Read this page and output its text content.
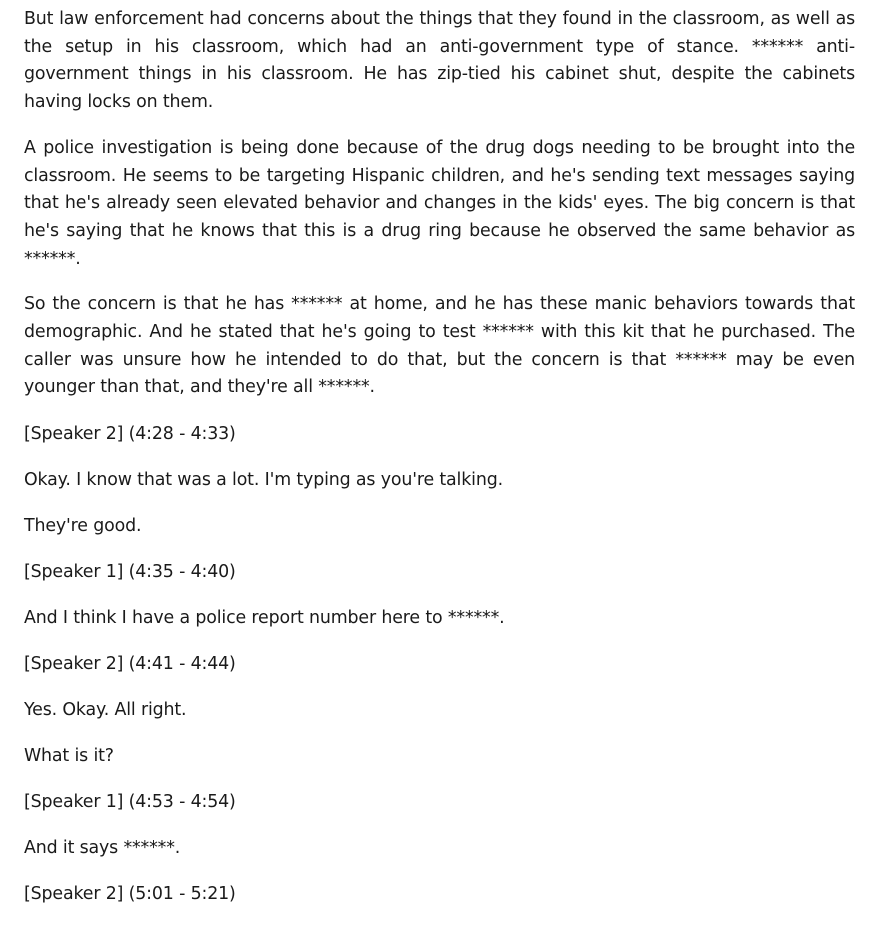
But law enforcement had concerns about the things that they found in the classroom, as well as the setup in his classroom, which had an anti-government type of stance. ****** anti-government things in his classroom. He has zip-tied his cabinet shut, despite the cabinets having locks on them.

A police investigation is being done because of the drug dogs needing to be brought into the classroom. He seems to be targeting Hispanic children, and he's sending text messages saying that he's already seen elevated behavior and changes in the kids' eyes. The big concern is that he's saying that he knows that this is a drug ring because he observed the same behavior as ******.

So the concern is that he has ****** at home, and he has these manic behaviors towards that demographic. And he stated that he's going to test ****** with this kit that he purchased. The caller was unsure how he intended to do that, but the concern is that ****** may be even younger than that, and they're all ******.

[Speaker 2] (4:28 - 4:33)

Okay. I know that was a lot. I'm typing as you're talking.

They're good.

[Speaker 1] (4:35 - 4:40)

And I think I have a police report number here to ******.

[Speaker 2] (4:41 - 4:44)

Yes. Okay. All right.

What is it?

[Speaker 1] (4:53 - 4:54)

And it says ******.

[Speaker 2] (5:01 - 5:21)
